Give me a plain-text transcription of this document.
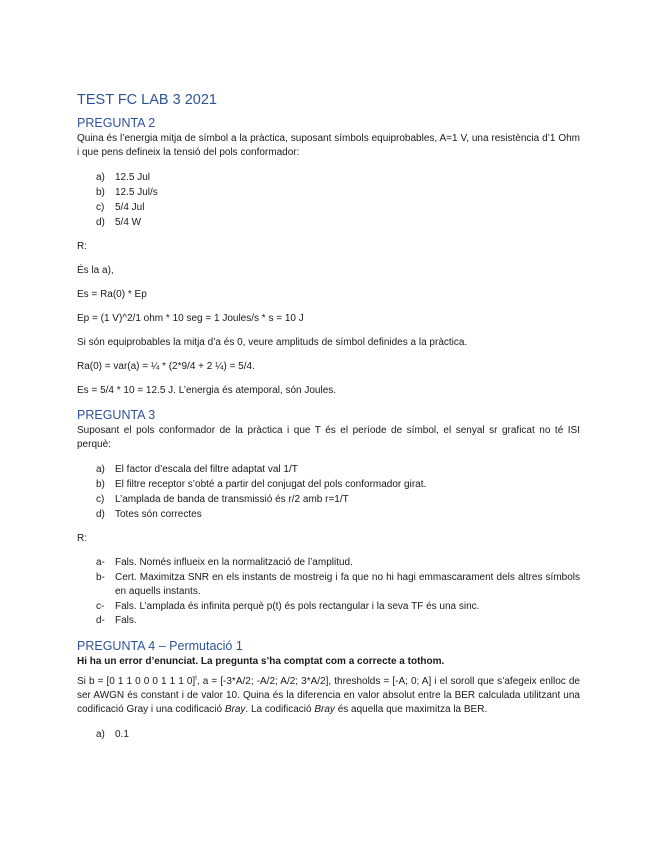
TEST FC LAB 3 2021
PREGUNTA 2

Quina és l’energia mitja de símbol a la pràctica, suposant símbols equiprobables, A=1 V, una resistència d’1 Ohm i que pens defineix la tensió del pols conformador:

a) 12.5 Jul
b) 12.5 Jul/s
c) 5/4 Jul
d) 5/4 W

R:

És la a),

Es = Ra(0) * Ep

Ep = (1 V)^2/1 ohm * 10 seg = 1 Joules/s * s = 10 J

Si són equiprobables la mitja d’a és 0, veure amplituds de símbol definides a la pràctica.

Ra(0) = var(a) = ¼ * (2*9/4 + 2 ¼) = 5/4.

Es = 5/4 * 10 = 12.5 J. L’energia és atemporal, són Joules.

PREGUNTA 3

Suposant el pols conformador de la pràctica i que T és el període de símbol, el senyal sr graficat no té ISI perquè:

a) El factor d’escala del filtre adaptat val 1/T
b) El filtre receptor s’obté a partir del conjugat del pols conformador girat.
c) L’amplada de banda de transmissió és r/2 amb r=1/T
d) Totes són correctes

R:

a- Fals. Només influeix en la normalització de l’amplitud.
b- Cert. Maximitza SNR en els instants de mostreig i fa que no hi hagi emmascarament dels altres símbols en aquells instants.
c- Fals. L’amplada és infinita perquè p(t) és pols rectangular i la seva TF és una sinc.
d- Fals.
PREGUNTA 4 – Permutació 1

Hi ha un error d’enunciat. La pregunta s’ha comptat com a correcte a tothom.

Si b = [0 1 1 0 0 0 1 1 1 0]$^t$, a = [-3*A/2; -A/2; A/2; 3*A/2], thresholds = [-A; 0; A] i el soroll que s’afegeix enlloc de ser AWGN és constant i de valor 10. Quina és la diferencia en valor absolut entre la BER calculada utilitzant una codificació Gray i una codificació Bray. La codificació Bray és aquella que maximitza la BER.

a) 0.1
